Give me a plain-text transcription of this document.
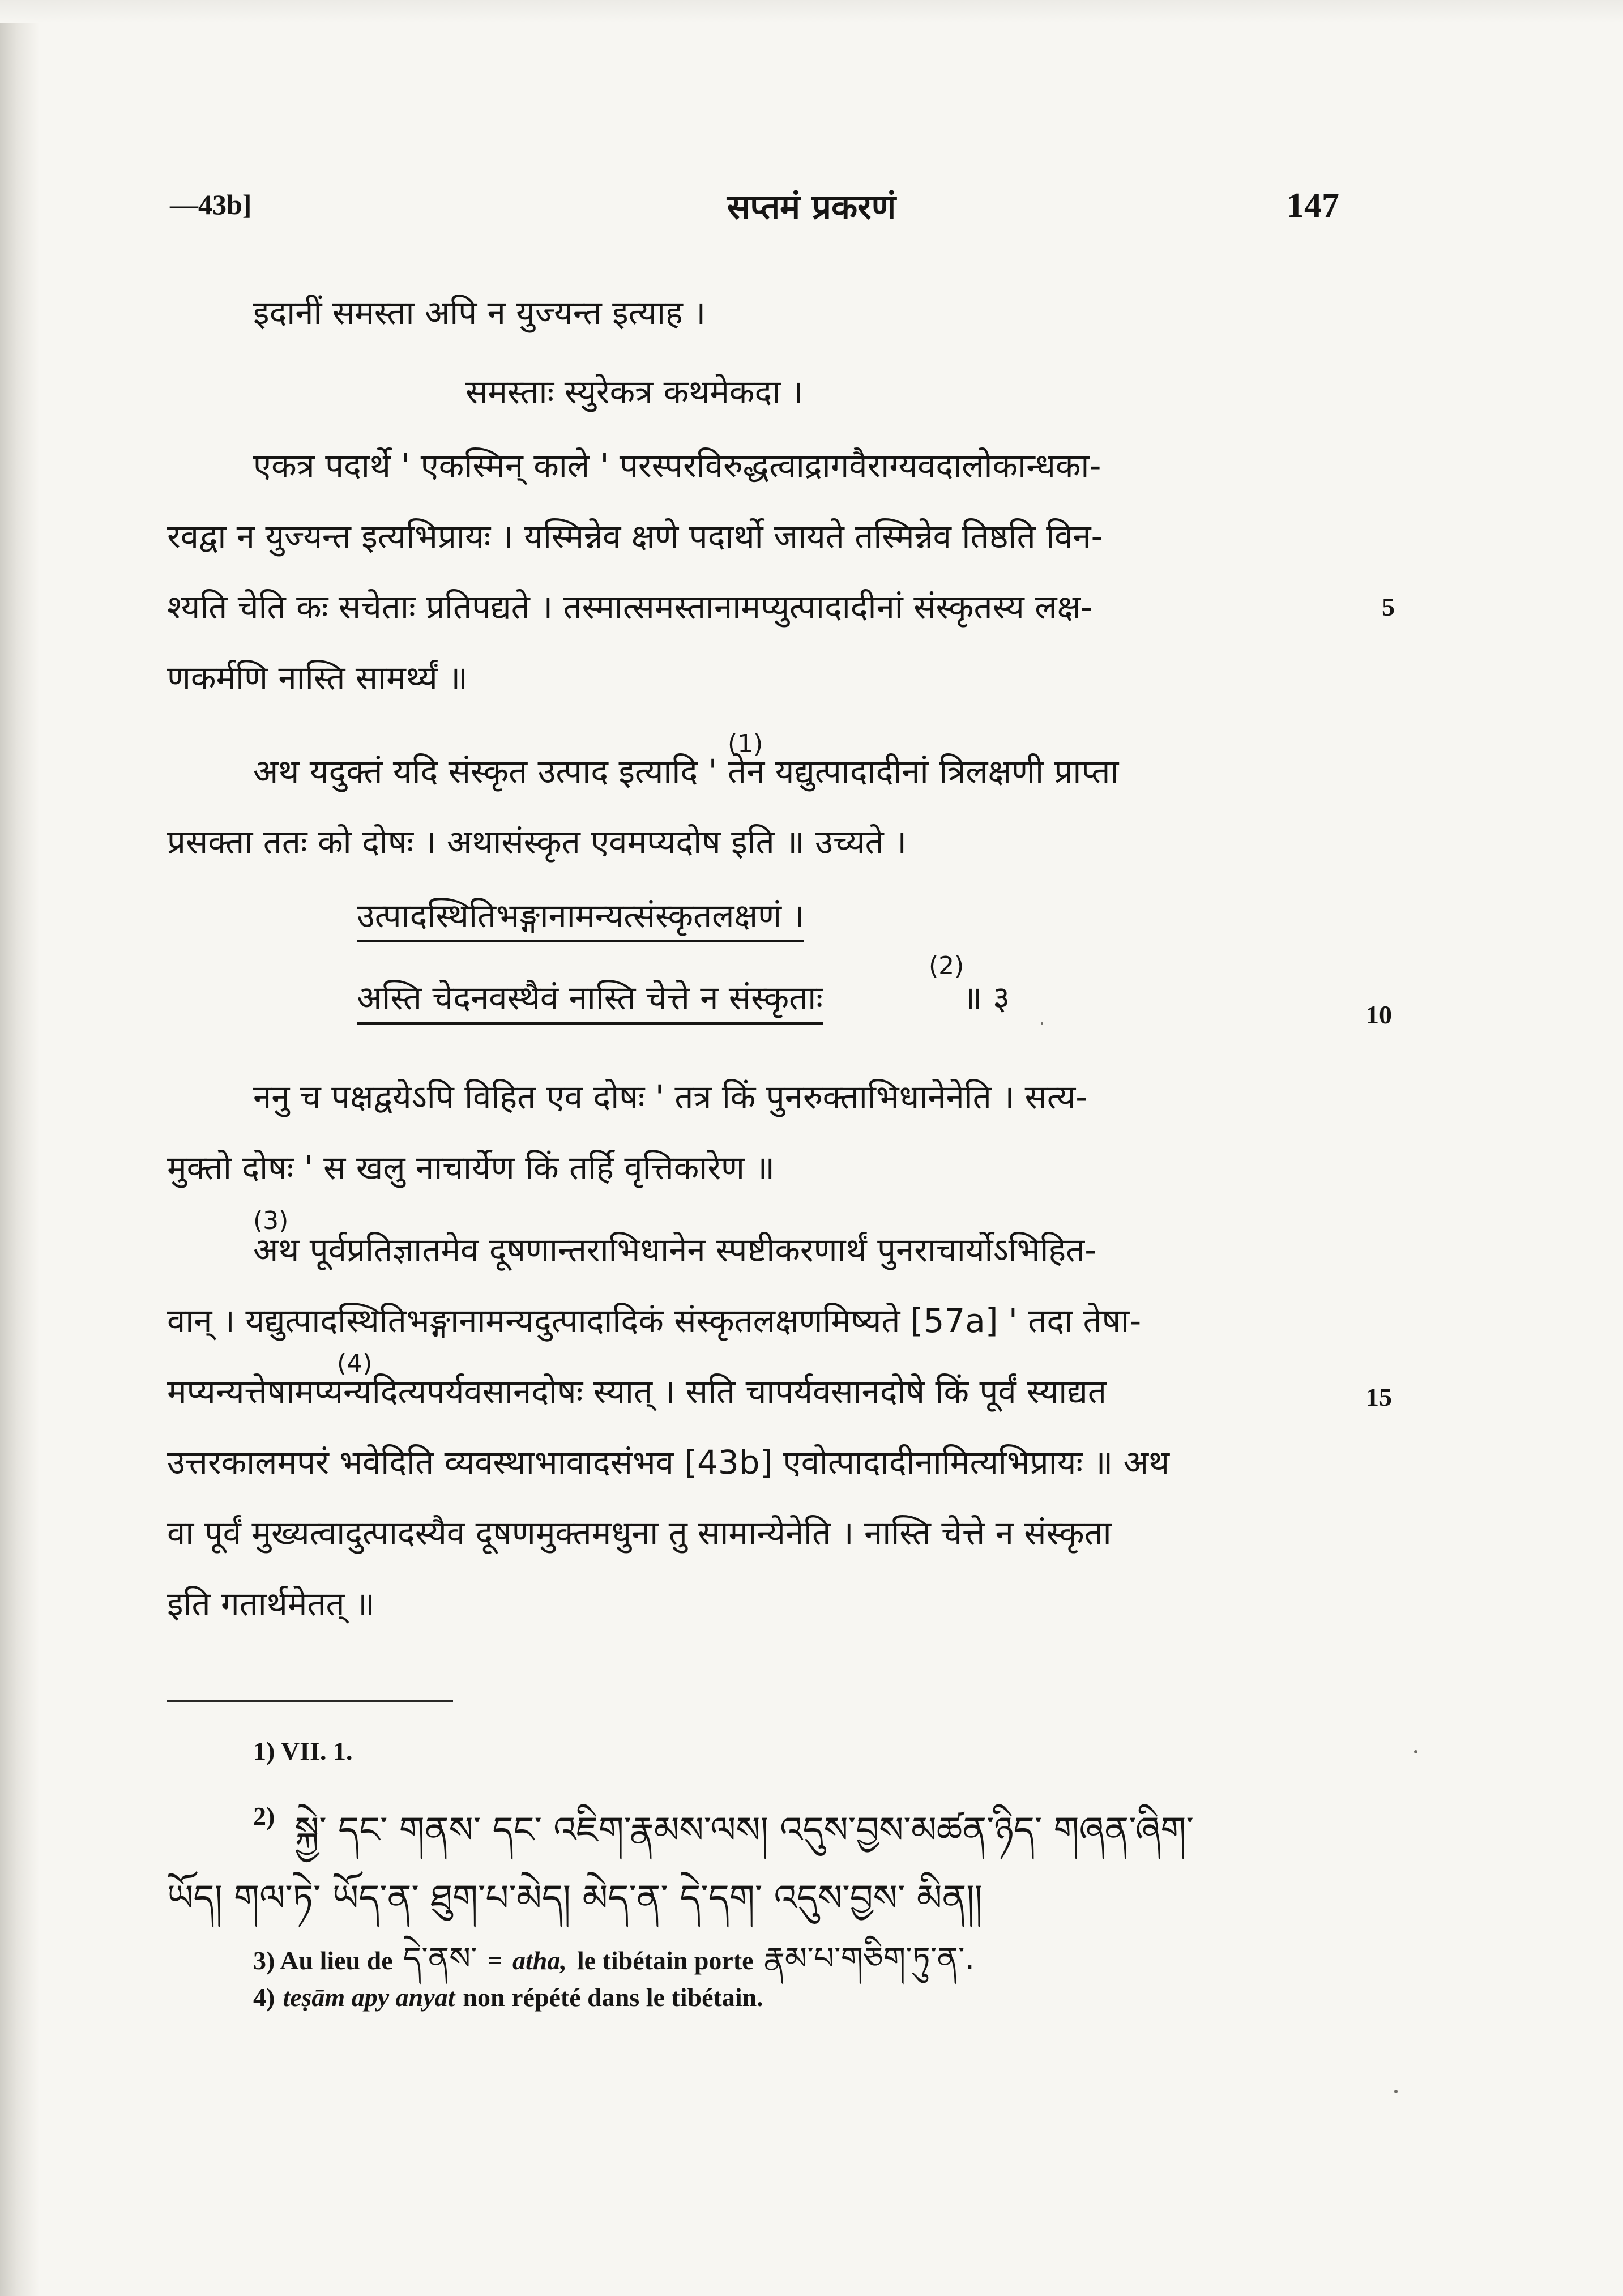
—43b]	सप्तमं प्रकरणं	147
इदानीं समस्ता अपि न युज्यन्त इत्याह ।
समस्ताः स्युरेकत्र कथमेकदा ।
एकत्र पदार्थे ' एकस्मिन् काले ' परस्परविरुद्धत्वाद्रागवैराग्यवदालोकान्धका-
रवद्वा न युज्यन्त इत्यभिप्रायः । यस्मिन्नेव क्षणे पदार्थो जायते तस्मिन्नेव तिष्ठति विन-
श्यति चेति कः सचेताः प्रतिपद्यते । तस्मात्समस्तानामप्युत्पादादीनां संस्कृतस्य लक्ष-	5
णकर्मणि नास्ति सामर्थ्यं ॥
(1)
अथ यदुक्तं यदि संस्कृत उत्पाद इत्यादि ' तेन यद्युत्पादादीनां त्रिलक्षणी प्राप्ता
प्रसक्ता ततः को दोषः । अथासंस्कृत एवमप्यदोष इति ॥ उच्यते ।
उत्पादस्थितिभङ्गानामन्यत्संस्कृतलक्षणं ।
(2)
अस्ति चेदनवस्थैवं नास्ति चेत्ते न संस्कृताः	॥ ३	10
ननु च पक्षद्वयेऽपि विहित एव दोषः ' तत्र किं पुनरुक्ताभिधानेनेति । सत्य-
मुक्तो दोषः ' स खलु नाचार्येण किं तर्हि वृत्तिकारेण ॥
(3)
अथ पूर्वप्रतिज्ञातमेव दूषणान्तराभिधानेन स्पष्टीकरणार्थं पुनराचार्योऽभिहित-
वान् । यद्युत्पादस्थितिभङ्गानामन्यदुत्पादादिकं संस्कृतलक्षणमिष्यते [57a] ' तदा तेषा-
(4)
मप्यन्यत्तेषामप्यन्यदित्यपर्यवसानदोषः स्यात् । सति चापर्यवसानदोषे किं पूर्वं स्याद्यत	15
उत्तरकालमपरं भवेदिति व्यवस्थाभावादसंभव [43b] एवोत्पादादीनामित्यभिप्रायः ॥ अथ
वा पूर्वं मुख्यत्वादुत्पादस्यैव दूषणमुक्तमधुना तु सामान्येनेति । नास्ति चेत्ते न संस्कृता
इति गतार्थमेतत् ॥
1) VII. 1.
2) སྐྱེ་ དང་ གནས་ དང་ འཇིག་རྣམས་ལས། འདུས་བྱས་མཚན་ཉིད་ གཞན་ཞིག་
ཡོད། གལ་ཏེ་ ཡོད་ན་ ཐུག་པ་མེད། མེད་ན་ དེ་དག་ འདུས་བྱས་ མིན།།
3) Au lieu de དེ་ནས་ = atha, le tibétain porte རྣམ་པ་གཅིག་ཏུ་ན་.
4) teṣām apy anyat non répété dans le tibétain.
